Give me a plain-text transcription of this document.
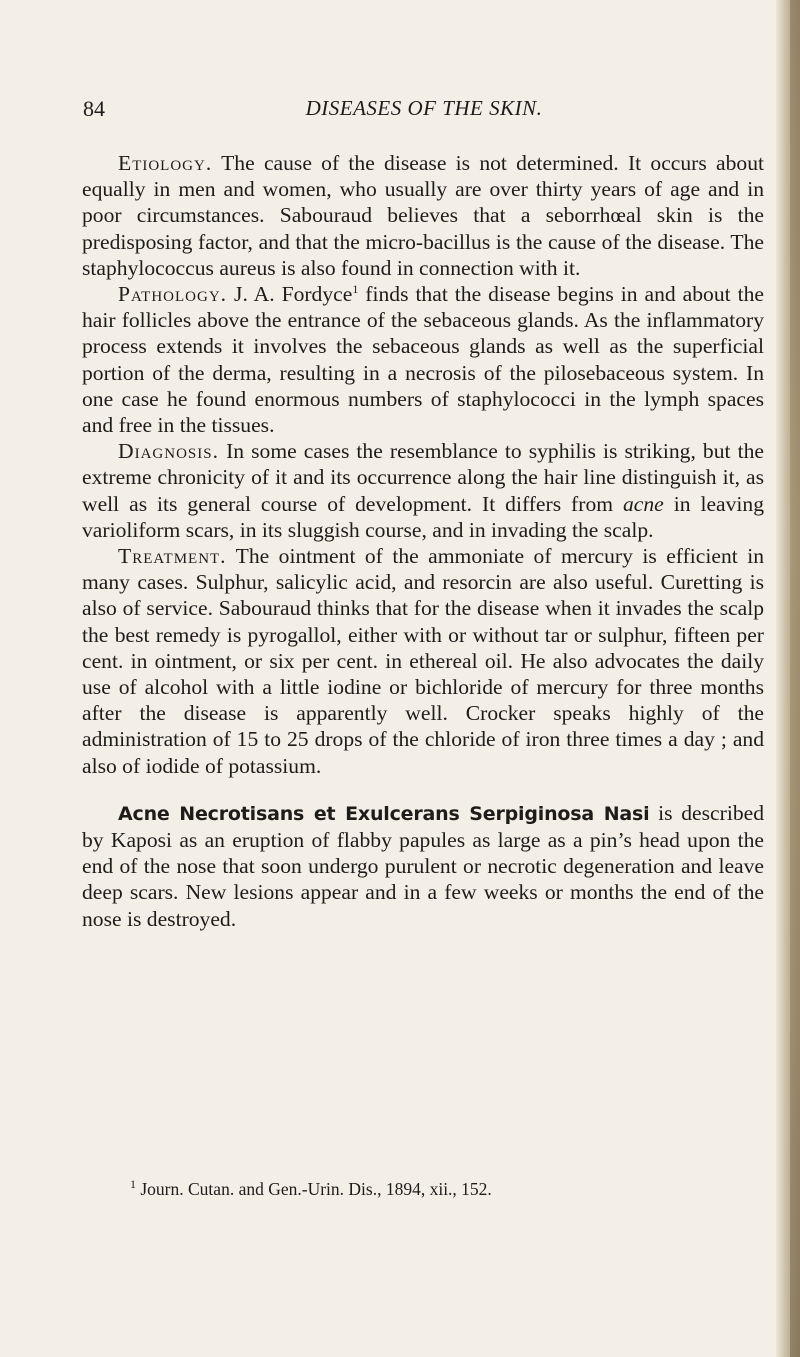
84	DISEASES OF THE SKIN.

Etiology. The cause of the disease is not determined. It occurs about equally in men and women, who usually are over thirty years of age and in poor circumstances. Sabouraud believes that a seborrhœal skin is the predisposing factor, and that the micro-bacillus is the cause of the disease. The staphylococcus aureus is also found in connection with it.

Pathology. J. A. Fordyce$^1$ finds that the disease begins in and about the hair follicles above the entrance of the sebaceous glands. As the inflammatory process extends it involves the sebaceous glands as well as the superficial portion of the derma, resulting in a necrosis of the pilosebaceous system. In one case he found enormous numbers of staphylococci in the lymph spaces and free in the tissues.

Diagnosis. In some cases the resemblance to syphilis is striking, but the extreme chronicity of it and its occurrence along the hair line distinguish it, as well as its general course of development. It differs from acne in leaving varioliform scars, in its sluggish course, and in invading the scalp.

Treatment. The ointment of the ammoniate of mercury is efficient in many cases. Sulphur, salicylic acid, and resorcin are also useful. Curetting is also of service. Sabouraud thinks that for the disease when it invades the scalp the best remedy is pyrogallol, either with or without tar or sulphur, fifteen per cent. in ointment, or six per cent. in ethereal oil. He also advocates the daily use of alcohol with a little iodine or bichloride of mercury for three months after the disease is apparently well. Crocker speaks highly of the administration of 15 to 25 drops of the chloride of iron three times a day ; and also of iodide of potassium.

Acne Necrotisans et Exulcerans Serpiginosa Nasi is described by Kaposi as an eruption of flabby papules as large as a pin’s head upon the end of the nose that soon undergo purulent or necrotic degeneration and leave deep scars. New lesions appear and in a few weeks or months the end of the nose is destroyed.

$^1$ Journ. Cutan. and Gen.-Urin. Dis., 1894, xii., 152.
